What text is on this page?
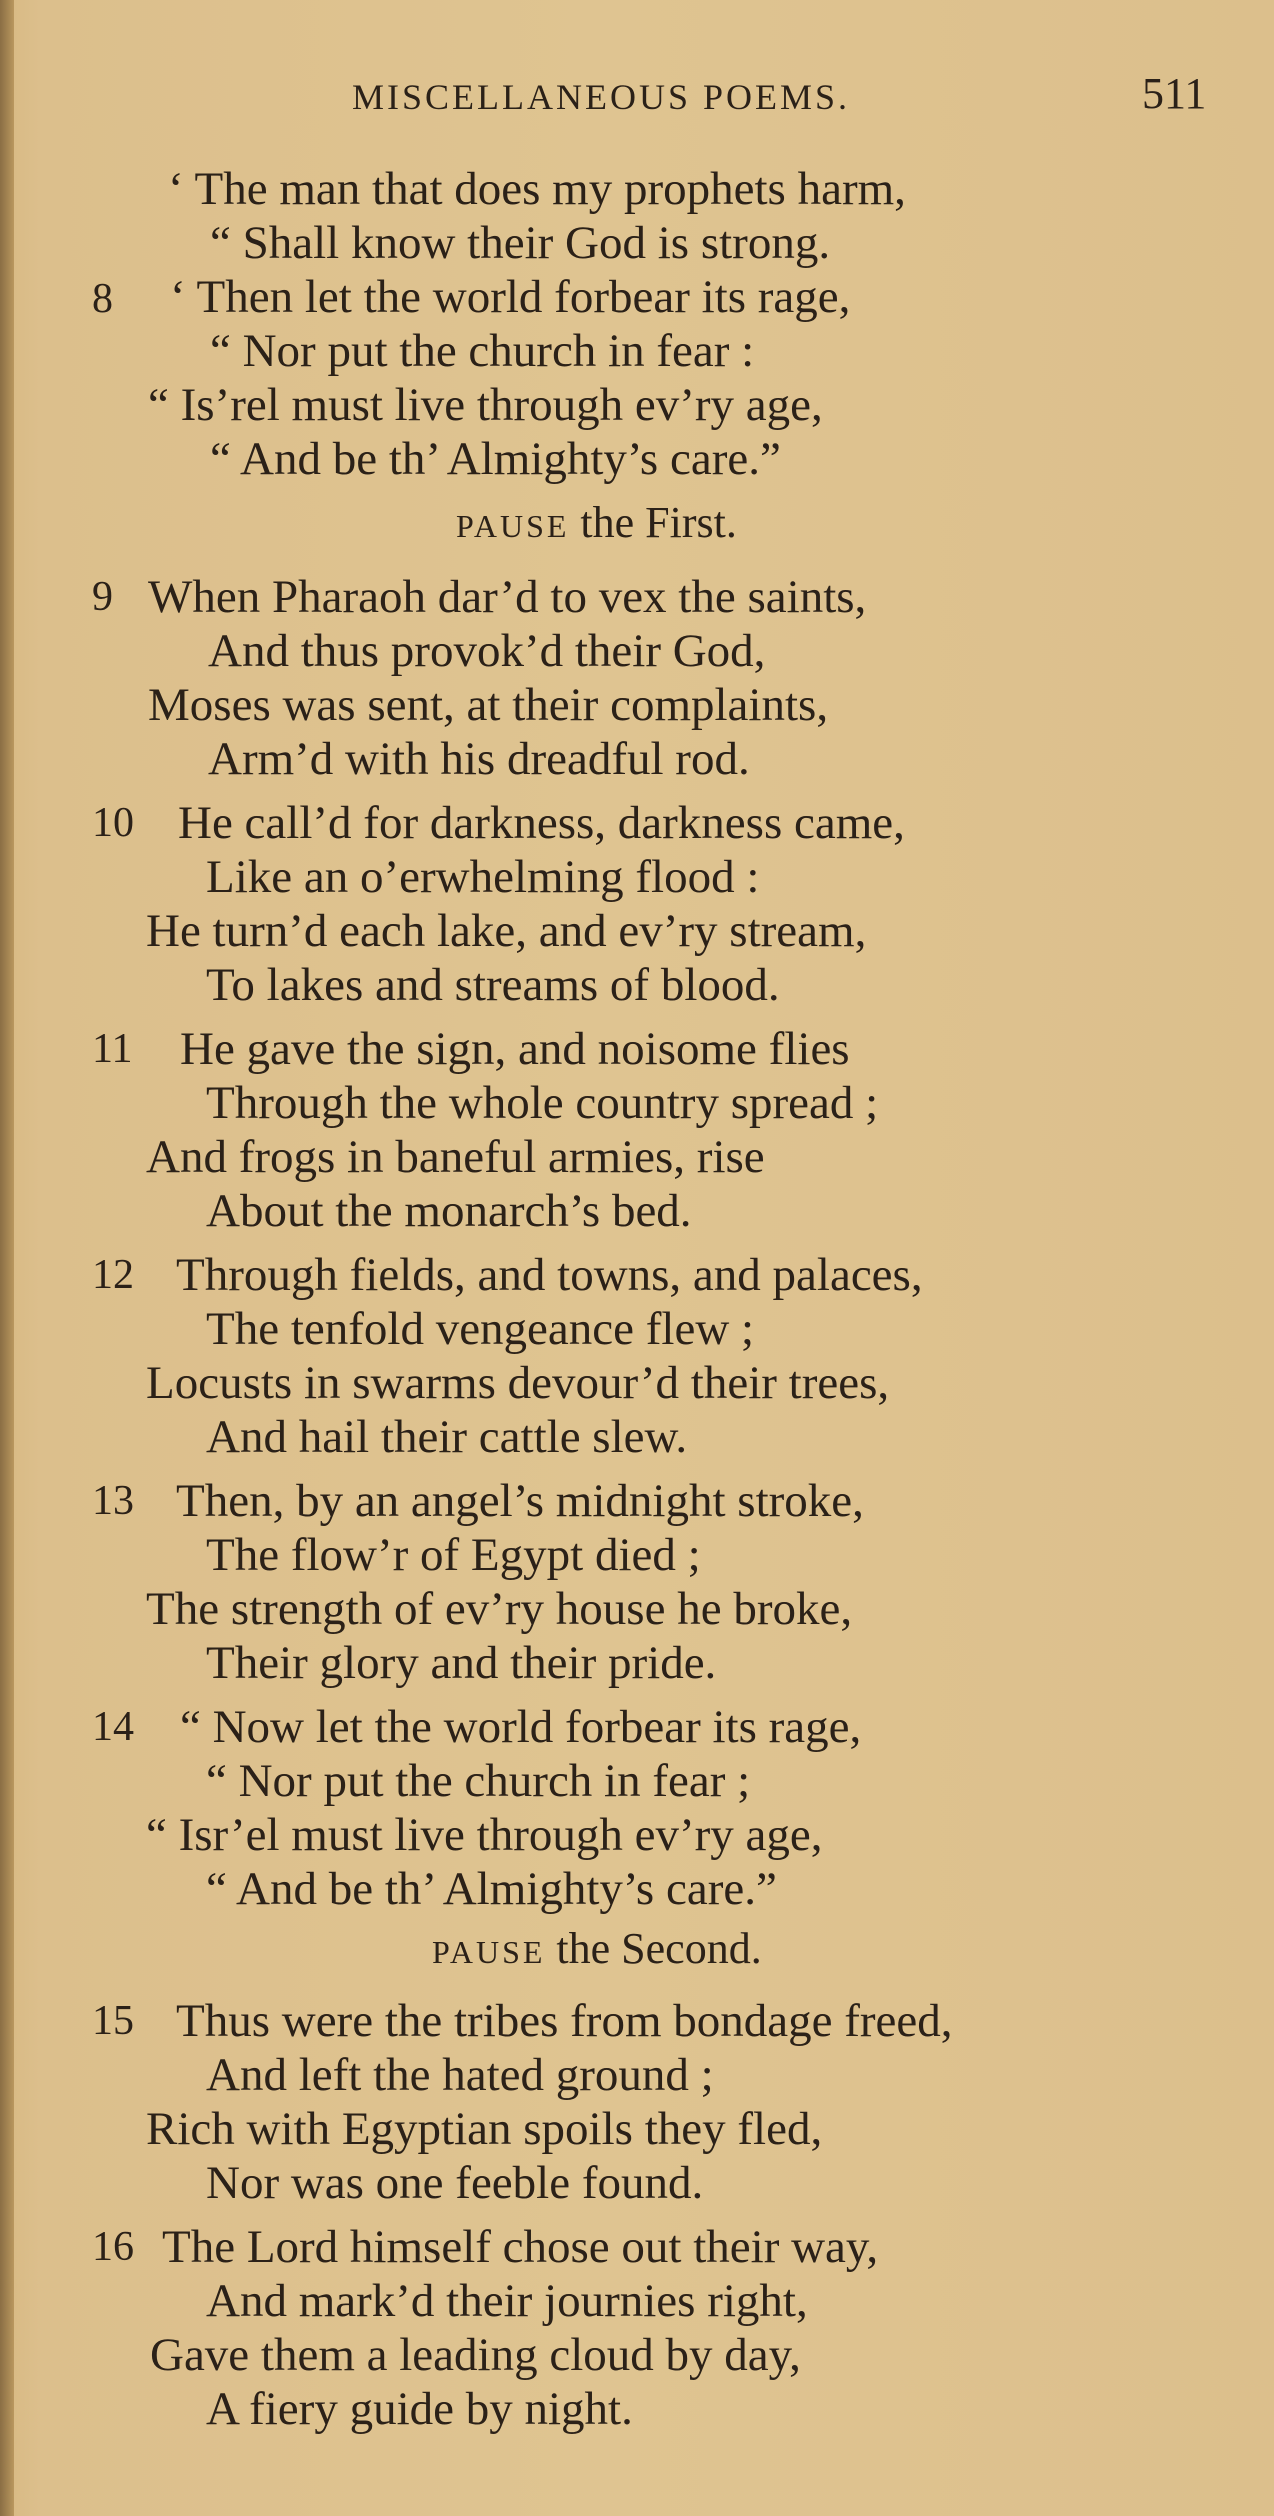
MISCELLANEOUS POEMS.	511
‘ The man that does my prophets harm,
“ Shall know their God is strong.
8 ‘ Then let the world forbear its rage,
“ Nor put the church in fear :
“ Is’rel must live through ev’ry age,
“ And be th’ Almighty’s care.”
PAUSE the First.
9 When Pharaoh dar’d to vex the saints,
And thus provok’d their God,
Moses was sent, at their complaints,
Arm’d with his dreadful rod.
10 He call’d for darkness, darkness came,
Like an o’erwhelming flood :
He turn’d each lake, and ev’ry stream,
To lakes and streams of blood.
11 He gave the sign, and noisome flies
Through the whole country spread ;
And frogs in baneful armies, rise
About the monarch’s bed.
12 Through fields, and towns, and palaces,
The tenfold vengeance flew ;
Locusts in swarms devour’d their trees,
And hail their cattle slew.
13 Then, by an angel’s midnight stroke,
The flow’r of Egypt died ;
The strength of ev’ry house he broke,
Their glory and their pride.
14 “ Now let the world forbear its rage,
“ Nor put the church in fear ;
“ Isr’el must live through ev’ry age,
“ And be th’ Almighty’s care.”
PAUSE the Second.
15 Thus were the tribes from bondage freed,
And left the hated ground ;
Rich with Egyptian spoils they fled,
Nor was one feeble found.
16 The Lord himself chose out their way,
And mark’d their journies right,
Gave them a leading cloud by day,
A fiery guide by night.
